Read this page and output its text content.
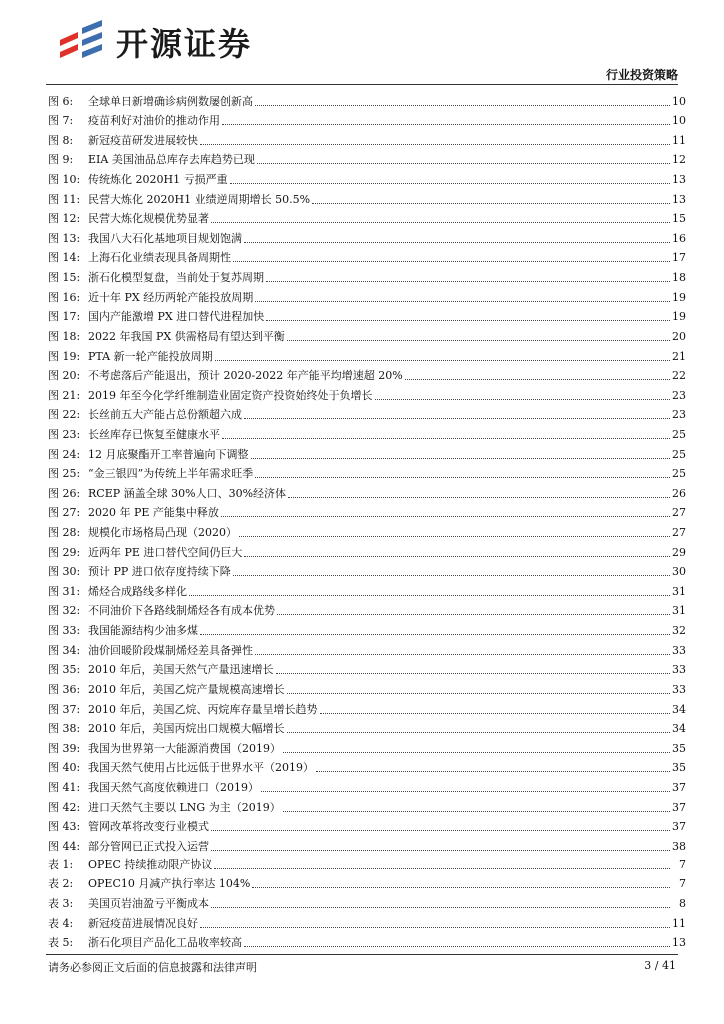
开源证券
行业投资策略
图 6:	全球单日新增确诊病例数屡创新高	10
图 7:	疫苗利好对油价的推动作用	10
图 8:	新冠疫苗研发进展较快	11
图 9:	EIA 美国油品总库存去库趋势已现	12
图 10: 传统炼化 2020H1 亏损严重	13
图 11: 民营大炼化 2020H1 业绩逆周期增长 50.5%	13
图 12: 民营大炼化规模优势显著	15
图 13: 我国八大石化基地项目规划饱满	16
图 14: 上海石化业绩表现具备周期性	17
图 15: 浙石化模型复盘，当前处于复苏周期	18
图 16: 近十年 PX 经历两轮产能投放周期	19
图 17: 国内产能激增 PX 进口替代进程加快	19
图 18: 2022 年我国 PX 供需格局有望达到平衡	20
图 19: PTA 新一轮产能投放周期	21
图 20: 不考虑落后产能退出，预计 2020-2022 年产能平均增速超 20%	22
图 21: 2019 年至今化学纤维制造业固定资产投资始终处于负增长	23
图 22: 长丝前五大产能占总份额超六成	23
图 23: 长丝库存已恢复至健康水平	25
图 24: 12 月底聚酯开工率普遍向下调整	25
图 25: “金三银四”为传统上半年需求旺季	25
图 26: RCEP 涵盖全球 30%人口、30%经济体	26
图 27: 2020 年 PE 产能集中释放	27
图 28: 规模化市场格局凸现（2020）	27
图 29: 近两年 PE 进口替代空间仍巨大	29
图 30: 预计 PP 进口依存度持续下降	30
图 31: 烯烃合成路线多样化	31
图 32: 不同油价下各路线制烯烃各有成本优势	31
图 33: 我国能源结构少油多煤	32
图 34: 油价回暖阶段煤制烯烃差具备弹性	33
图 35: 2010 年后，美国天然气产量迅速增长	33
图 36: 2010 年后，美国乙烷产量规模高速增长	33
图 37: 2010 年后，美国乙烷、丙烷库存量呈增长趋势	34
图 38: 2010 年后，美国丙烷出口规模大幅增长	34
图 39: 我国为世界第一大能源消费国（2019）	35
图 40: 我国天然气使用占比远低于世界水平（2019）	35
图 41: 我国天然气高度依赖进口（2019）	37
图 42: 进口天然气主要以 LNG 为主（2019）	37
图 43: 管网改革将改变行业模式	37
图 44: 部分管网已正式投入运营	38
表 1:	OPEC 持续推动限产协议	7
表 2:	OPEC10 月减产执行率达 104%	7
表 3:	美国页岩油盈亏平衡成本	8
表 4:	新冠疫苗进展情况良好	11
表 5:	浙石化项目产品化工品收率较高	13
请务必参阅正文后面的信息披露和法律声明	3 / 41
